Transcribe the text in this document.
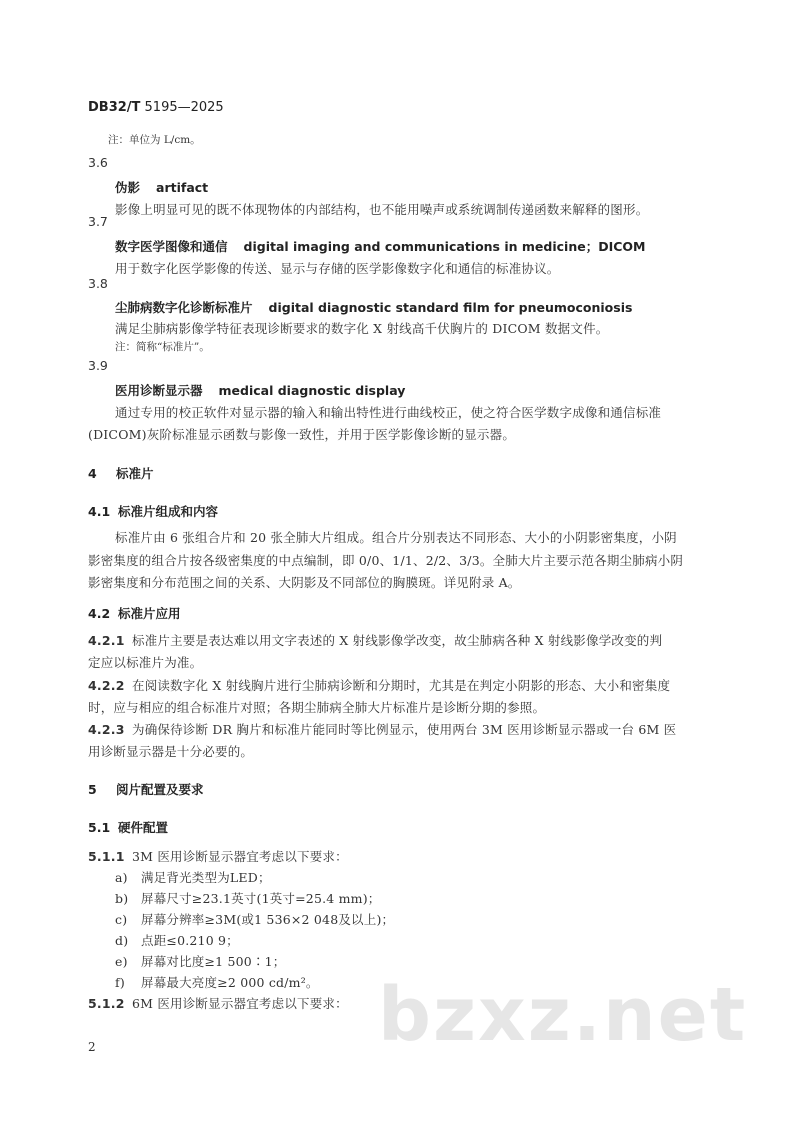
DB32/T 5195—2025
注：单位为 L/cm。
3.6
伪影 artifact
影像上明显可见的既不体现物体的内部结构，也不能用噪声或系统调制传递函数来解释的图形。
3.7
数字医学图像和通信 digital imaging and communications in medicine；DICOM
用于数字化医学影像的传送、显示与存储的医学影像数字化和通信的标准协议。
3.8
尘肺病数字化诊断标准片 digital diagnostic standard film for pneumoconiosis
满足尘肺病影像学特征表现诊断要求的数字化 X 射线高千伏胸片的 DICOM 数据文件。
注：简称“标准片”。
3.9
医用诊断显示器 medical diagnostic display
通过专用的校正软件对显示器的输入和输出特性进行曲线校正，使之符合医学数字成像和通信标准
(DICOM)灰阶标准显示函数与影像一致性，并用于医学影像诊断的显示器。
4 标准片
4.1 标准片组成和内容
标准片由 6 张组合片和 20 张全肺大片组成。组合片分别表达不同形态、大小的小阴影密集度，小阴
影密集度的组合片按各级密集度的中点编制，即 0/0、1/1、2/2、3/3。全肺大片主要示范各期尘肺病小阴
影密集度和分布范围之间的关系、大阴影及不同部位的胸膜斑。详见附录 A。
4.2 标准片应用
4.2.1 标准片主要是表达难以用文字表述的 X 射线影像学改变，故尘肺病各种 X 射线影像学改变的判
定应以标准片为准。
4.2.2 在阅读数字化 X 射线胸片进行尘肺病诊断和分期时，尤其是在判定小阴影的形态、大小和密集度
时，应与相应的组合标准片对照；各期尘肺病全肺大片标准片是诊断分期的参照。
4.2.3 为确保待诊断 DR 胸片和标准片能同时等比例显示，使用两台 3M 医用诊断显示器或一台 6M 医
用诊断显示器是十分必要的。
5 阅片配置及要求
5.1 硬件配置
5.1.1 3M 医用诊断显示器宜考虑以下要求：
a) 满足背光类型为LED；
b) 屏幕尺寸≥23.1英寸(1英寸=25.4 mm)；
c) 屏幕分辨率≥3M(或1 536×2 048及以上)；
d) 点距≤0.210 9；
e) 屏幕对比度≥1 500∶1；
f) 屏幕最大亮度≥2 000 cd/m²。
5.1.2 6M 医用诊断显示器宜考虑以下要求：
2	bzxz.net
